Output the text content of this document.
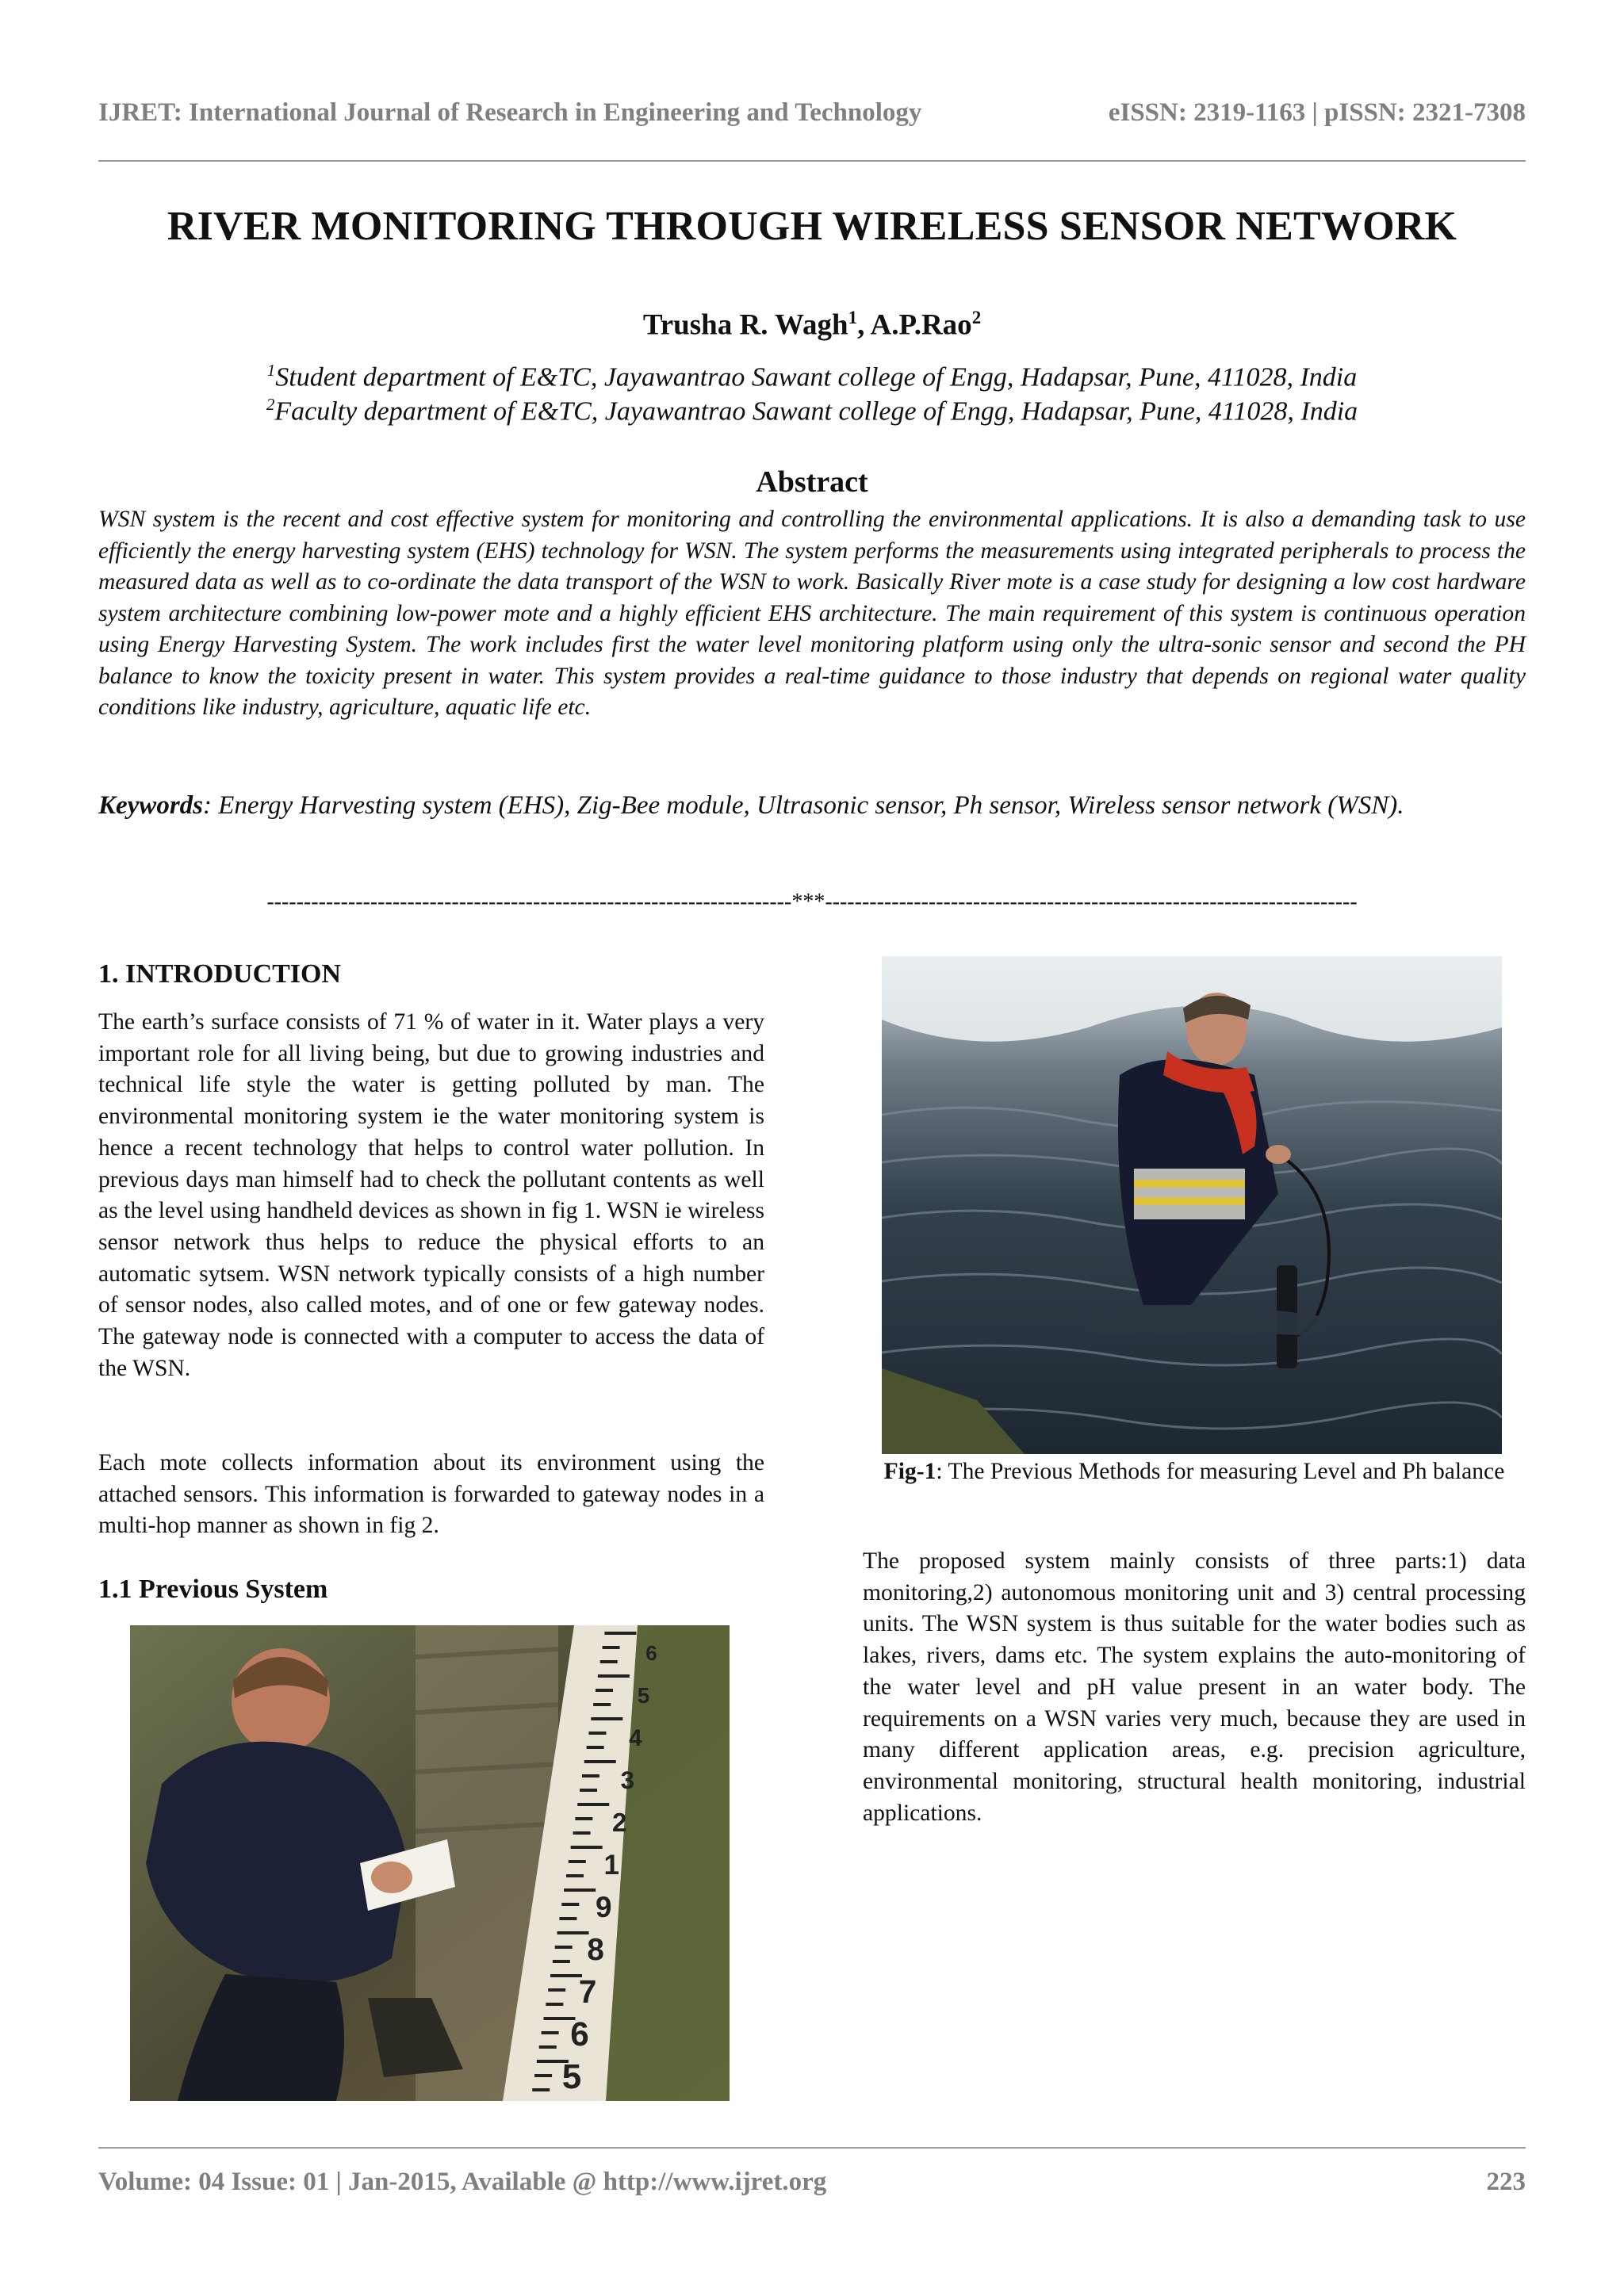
IJRET: International Journal of Research in Engineering and Technology	eISSN: 2319-1163 | pISSN: 2321-7308
RIVER MONITORING THROUGH WIRELESS SENSOR NETWORK
Trusha R. Wagh$^1$, A.P.Rao$^2$
$^1$Student department of E&TC, Jayawantrao Sawant college of Engg, Hadapsar, Pune, 411028, India
$^2$Faculty department of E&TC, Jayawantrao Sawant college of Engg, Hadapsar, Pune, 411028, India
Abstract
WSN system is the recent and cost effective system for monitoring and controlling the environmental applications. It is also a demanding task to use efficiently the energy harvesting system (EHS) technology for WSN. The system performs the measurements using integrated peripherals to process the measured data as well as to co-ordinate the data transport of the WSN to work. Basically River mote is a case study for designing a low cost hardware system architecture combining low-power mote and a highly efficient EHS architecture. The main requirement of this system is continuous operation using Energy Harvesting System. The work includes first the water level monitoring platform using only the ultra-sonic sensor and second the PH balance to know the toxicity present in water. This system provides a real-time guidance to those industry that depends on regional water quality conditions like industry, agriculture, aquatic life etc.
Keywords: Energy Harvesting system (EHS), Zig-Bee module, Ultrasonic sensor, Ph sensor, Wireless sensor network (WSN).
-----------------------------------------------------------------------***------------------------------------------------------------------------
1. INTRODUCTION
The earth’s surface consists of 71 % of water in it. Water plays a very important role for all living being, but due to growing industries and technical life style the water is getting polluted by man. The environmental monitoring system ie the water monitoring system is hence a recent technology that helps to control water pollution. In previous days man himself had to check the pollutant contents as well as the level using handheld devices as shown in fig 1. WSN ie wireless sensor network thus helps to reduce the physical efforts to an automatic sytsem. WSN network typically consists of a high number of sensor nodes, also called motes, and of one or few gateway nodes. The gateway node is connected with a computer to access the data of the WSN.
Each mote collects information about its environment using the attached sensors. This information is forwarded to gateway nodes in a multi-hop manner as shown in fig 2.
1.1 Previous System
6
5
4
3
2
1
9
8
7
6
5
Fig-1: The Previous Methods for measuring Level and Ph balance
The proposed system mainly consists of three parts:1) data monitoring,2) autonomous monitoring unit and 3) central processing units. The WSN system is thus suitable for the water bodies such as lakes, rivers, dams etc. The system explains the auto-monitoring of the water level and pH value present in an water body. The requirements on a WSN varies very much, because they are used in many different application areas, e.g. precision agriculture, environmental monitoring, structural health monitoring, industrial applications.
Volume: 04 Issue: 01 | Jan-2015, Available @ http://www.ijret.org	223
